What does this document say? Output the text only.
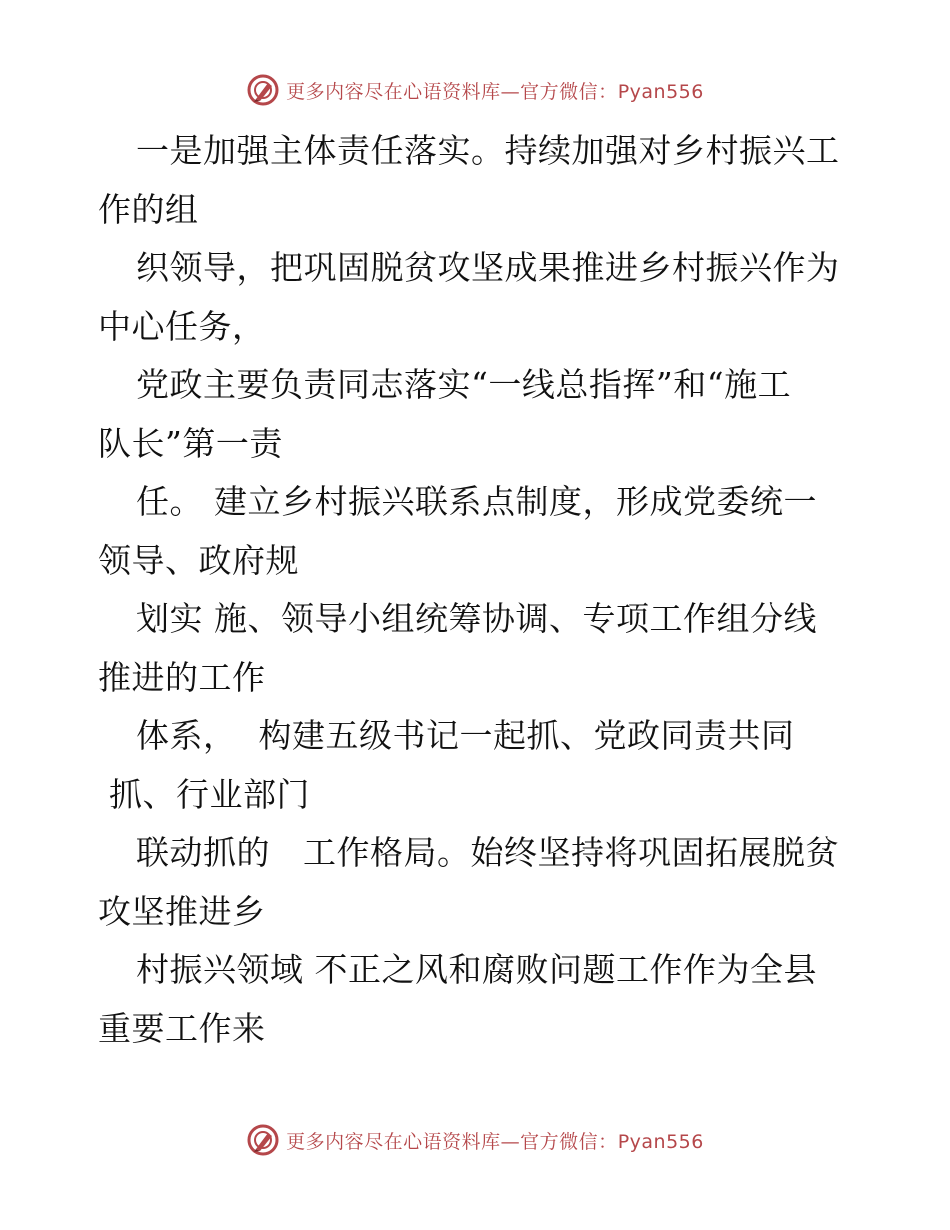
更多内容尽在心语资料库—官方微信：Pyan556
一是加强主体责任落实。持续加强对乡村振兴工
作的组
织领导，把巩固脱贫攻坚成果推进乡村振兴作为
中心任务，
党政主要负责同志落实“一线总指挥”和“施工
队长”第一责
任。 建立乡村振兴联系点制度，形成党委统一
领导、政府规
划实 施、领导小组统筹协调、专项工作组分线
推进的工作
体系，  构建五级书记一起抓、党政同责共同
抓、行业部门
联动抓的   工作格局。始终坚持将巩固拓展脱贫
攻坚推进乡
村振兴领域 不正之风和腐败问题工作作为全县
重要工作来
更多内容尽在心语资料库—官方微信：Pyan556
